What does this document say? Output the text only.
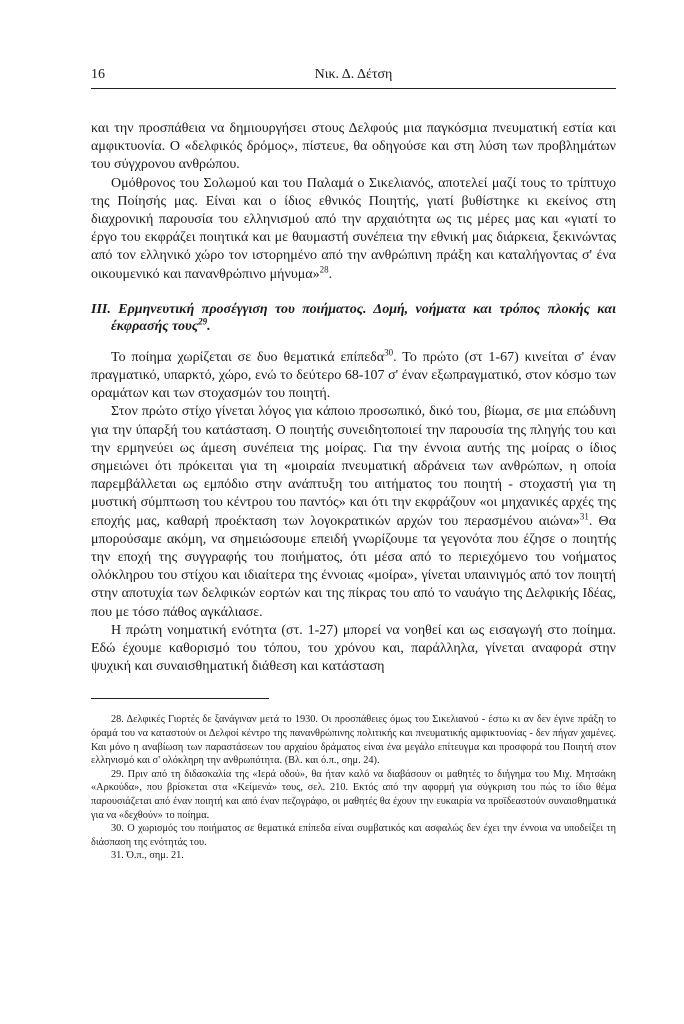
16	Νικ. Δ. Δέτση

και την προσπάθεια να δημιουργήσει στους Δελφούς μια παγκόσμια πνευματική εστία και αμφικτυονία. Ο «δελφικός δρόμος», πίστευε, θα οδηγούσε και στη λύση των προβλημάτων του σύγχρονου ανθρώπου.

Ομόθρονος του Σολωμού και του Παλαμά ο Σικελιανός, αποτελεί μαζί τους το τρίπτυχο της Ποίησής μας. Είναι και ο ίδιος εθνικός Ποιητής, γιατί βυθίστηκε κι εκείνος στη διαχρονική παρουσία του ελληνισμού από την αρχαιότητα ως τις μέρες μας και «γιατί το έργο του εκφράζει ποιητικά και με θαυμαστή συνέπεια την εθνική μας διάρκεια, ξεκινώντας από τον ελληνικό χώρο τον ιστορημένο από την ανθρώπινη πράξη και καταλήγοντας σ' ένα οικουμενικό και πανανθρώπινο μήνυμα»$^{28}$.

III. Ερμηνευτική προσέγγιση του ποιήματος. Δομή, νοήματα και τρόπος πλοκής και έκφρασής τους$^{29}$.

Το ποίημα χωρίζεται σε δυο θεματικά επίπεδα$^{30}$. Το πρώτο (στ 1-67) κινείται σ' έναν πραγματικό, υπαρκτό, χώρο, ενώ το δεύτερο 68-107 σ' έναν εξωπραγματικό, στον κόσμο των οραμάτων και των στοχασμών του ποιητή.

Στον πρώτο στίχο γίνεται λόγος για κάποιο προσωπικό, δικό του, βίωμα, σε μια επώδυνη για την ύπαρξή του κατάσταση. Ο ποιητής συνειδητοποιεί την παρουσία της πληγής του και την ερμηνεύει ως άμεση συνέπεια της μοίρας. Για την έννοια αυτής της μοίρας ο ίδιος σημειώνει ότι πρόκειται για τη «μοιραία πνευματική αδράνεια των ανθρώπων, η οποία παρεμβάλλεται ως εμπόδιο στην ανάπτυξη του αιτήματος του ποιητή - στοχαστή για τη μυστική σύμπτωση του κέντρου του παντός» και ότι την εκφράζουν «οι μηχανικές αρχές της εποχής μας, καθαρή προέκταση των λογοκρατικών αρχών του περασμένου αιώνα»$^{31}$. Θα μπορούσαμε ακόμη, να σημειώσουμε επειδή γνωρίζουμε τα γεγονότα που έζησε ο ποιητής την εποχή της συγγραφής του ποιήματος, ότι μέσα από το περιεχόμενο του νοήματος ολόκληρου του στίχου και ιδιαίτερα της έννοιας «μοίρα», γίνεται υπαινιγμός από τον ποιητή στην αποτυχία των δελφικών εορτών και της πίκρας του από το ναυάγιο της Δελφικής Ιδέας, που με τόσο πάθος αγκάλιασε.

Η πρώτη νοηματική ενότητα (στ. 1-27) μπορεί να νοηθεί και ως εισαγωγή στο ποίημα. Εδώ έχουμε καθορισμό του τόπου, του χρόνου και, παράλληλα, γίνεται αναφορά στην ψυχική και συναισθηματική διάθεση και κατάσταση

28. Δελφικές Γιορτές δε ξανάγιναν μετά το 1930. Οι προσπάθειες όμως του Σικελιανού - έστω κι αν δεν έγινε πράξη το όραμά του να καταστούν οι Δελφοί κέντρο της πανανθρώπινης πολιτικής και πνευματικής αμφικτυονίας - δεν πήγαν χαμένες. Και μόνο η αναβίωση των παραστάσεων του αρχαίου δράματος είναι ένα μεγάλο επίτευγμα και προσφορά του Ποιητή στον ελληνισμό και σ' ολόκληρη την ανθρωπότητα. (Βλ. και ό.π., σημ. 24).

29. Πριν από τη διδασκαλία της «Ιερά οδού», θα ήταν καλό να διαβάσουν οι μαθητές το διήγημα του Μιχ. Μητσάκη «Αρκούδα», που βρίσκεται στα «Κείμενά» τους, σελ. 210. Εκτός από την αφορμή για σύγκριση του πώς το ίδιο θέμα παρουσιάζεται από έναν ποιητή και από έναν πεζογράφο, οι μαθητές θα έχουν την ευκαιρία να προϊδεαστούν συναισθηματικά για να «δεχθούν» το ποίημα.

30. Ο χωρισμός του ποιήματος σε θεματικά επίπεδα είναι συμβατικός και ασφαλώς δεν έχει την έννοια να υποδείξει τη διάσπαση της ενότητάς του.

31. Ό.π., σημ. 21.
